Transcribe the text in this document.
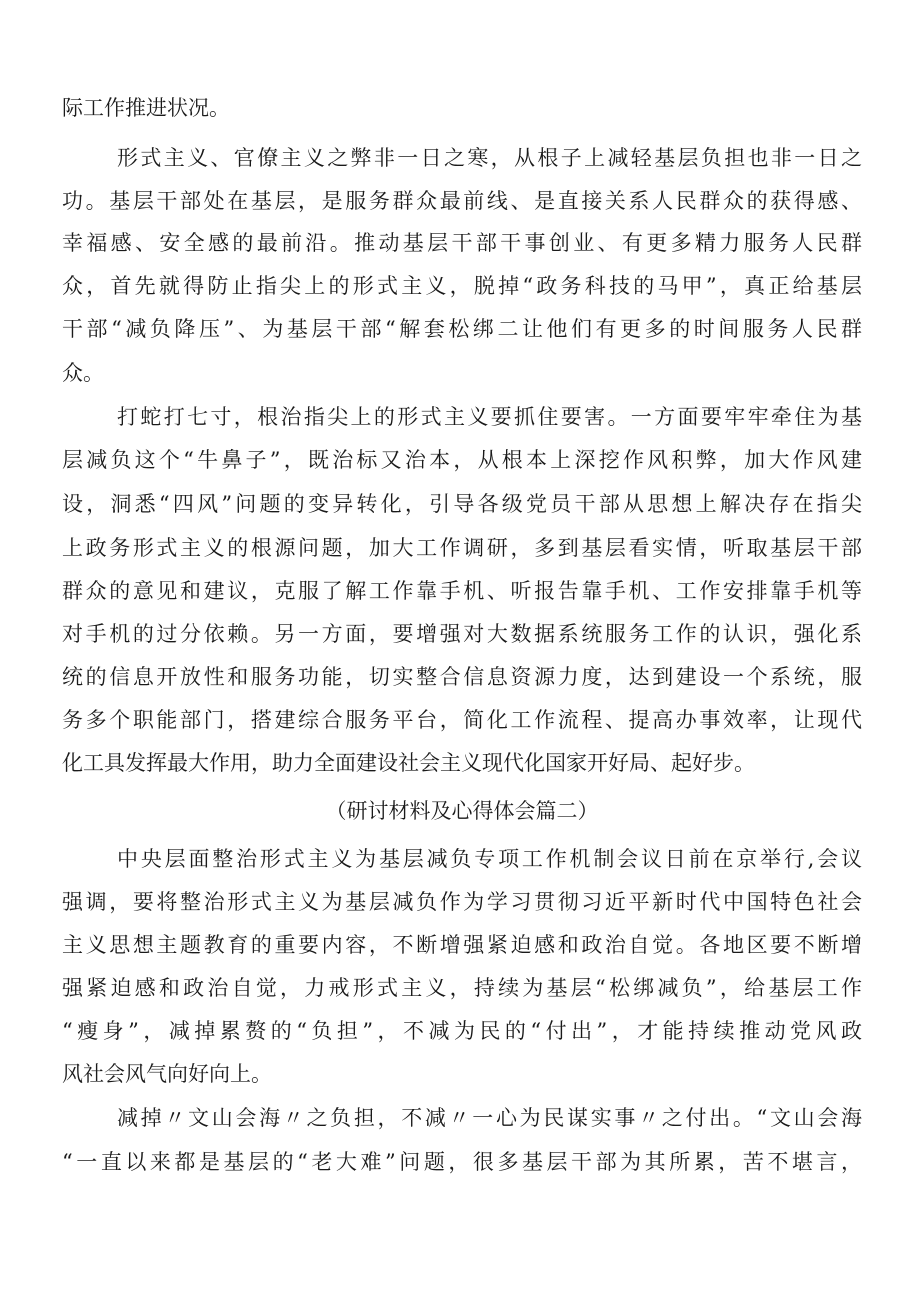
际工作推进状况。
形式主义、官僚主义之弊非一日之寒，从根子上减轻基层负担也非一日之
功。基层干部处在基层，是服务群众最前线、是直接关系人民群众的获得感、
幸福感、安全感的最前沿。推动基层干部干事创业、有更多精力服务人民群
众，首先就得防止指尖上的形式主义，脱掉“政务科技的马甲”，真正给基层
干部“减负降压”、为基层干部“解套松绑二让他们有更多的时间服务人民群
众。
打蛇打七寸，根治指尖上的形式主义要抓住要害。一方面要牢牢牵住为基
层减负这个“牛鼻子”，既治标又治本，从根本上深挖作风积弊，加大作风建
设，洞悉“四风”问题的变异转化，引导各级党员干部从思想上解决存在指尖
上政务形式主义的根源问题，加大工作调研，多到基层看实情，听取基层干部
群众的意见和建议，克服了解工作靠手机、听报告靠手机、工作安排靠手机等
对手机的过分依赖。另一方面，要增强对大数据系统服务工作的认识，强化系
统的信息开放性和服务功能，切实整合信息资源力度，达到建设一个系统，服
务多个职能部门，搭建综合服务平台，简化工作流程、提高办事效率，让现代
化工具发挥最大作用，助力全面建设社会主义现代化国家开好局、起好步。
（研讨材料及心得体会篇二）
中央层面整治形式主义为基层减负专项工作机制会议日前在京举行,会议
强调，要将整治形式主义为基层减负作为学习贯彻习近平新时代中国特色社会
主义思想主题教育的重要内容，不断增强紧迫感和政治自觉。各地区要不断增
强紧迫感和政治自觉，力戒形式主义，持续为基层“松绑减负”，给基层工作
“瘦身”，减掉累赘的“负担”，不减为民的“付出”，才能持续推动党风政
风社会风气向好向上。
减掉〃文山会海〃之负担，不减〃一心为民谋实事〃之付出。“文山会海
“一直以来都是基层的“老大难”问题，很多基层干部为其所累，苦不堪言，
